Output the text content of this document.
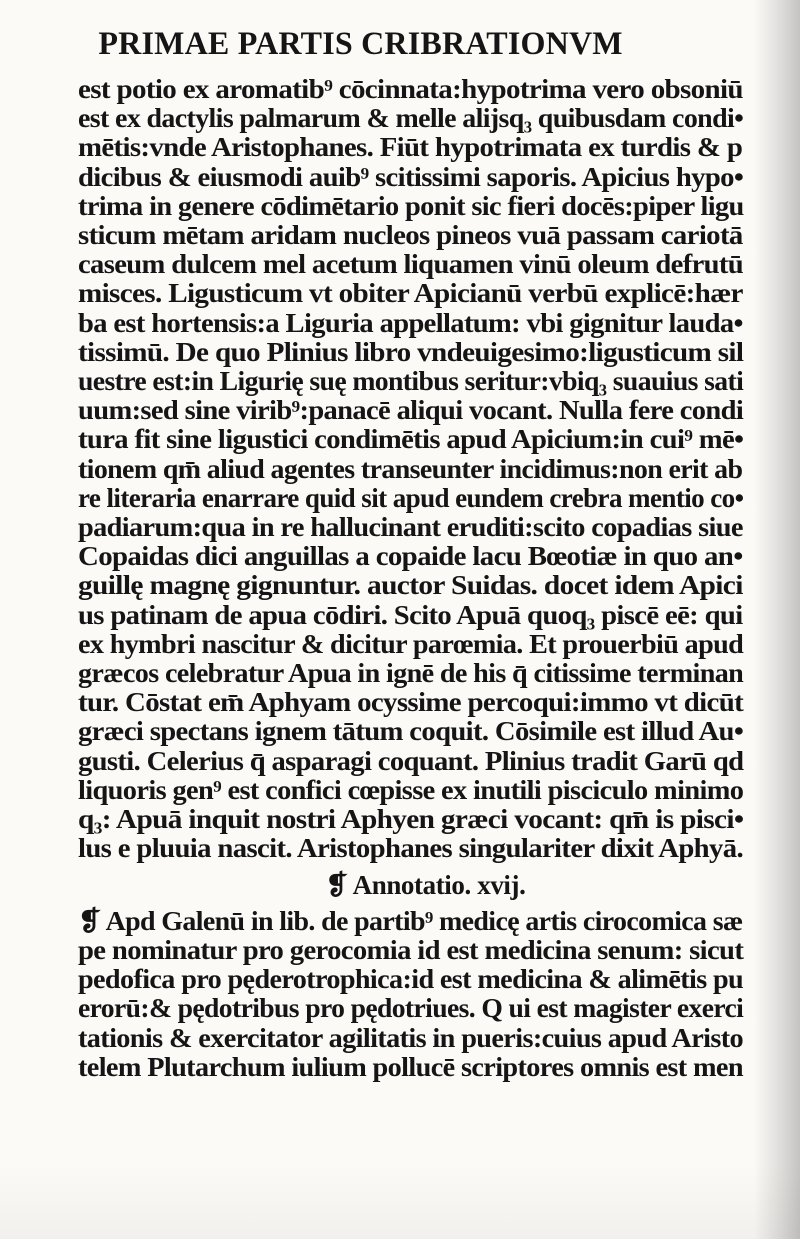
PRIMAE PARTIS CRIBRATIONVM
est potio ex aromatib⁹ cōcinnata:hypotrima vero obsoniū
est ex dactylis palmarum & melle alijsq₃ quibusdam condi•
mētis:vnde Aristophanes. Fiūt hypotrimata ex turdis & p
dicibus & eiusmodi auib⁹ scitissimi saporis. Apicius hypo•
trima in genere cōdimētario ponit sic fieri docēs:piper ligu
sticum mētam aridam nucleos pineos vuā passam cariotā
caseum dulcem mel acetum liquamen vinū oleum defrutū
misces. Ligusticum vt obiter Apicianū verbū explicē:hær
ba est hortensis:a Liguria appellatum: vbi gignitur lauda•
tissimū. De quo Plinius libro vndeuigesimo:ligusticum sil
uestre est:in Ligurię suę montibus seritur:vbiq₃ suauius sati
uum:sed sine virib⁹:panacē aliqui vocant. Nulla fere condi
tura fit sine ligustici condimētis apud Apicium:in cui⁹ mē•
tionem qm̄ aliud agentes transeunter incidimus:non erit ab
re literaria enarrare quid sit apud eundem crebra mentio co•
padiarum:qua in re hallucinant eruditi:scito copadias siue
Copaidas dici anguillas a copaide lacu Bœotiæ in quo an•
guillę magnę gignuntur. auctor Suidas. docet idem Apici
us patinam de apua cōdiri. Scito Apuā quoq₃ piscē eē: qui
ex hymbri nascitur & dicitur parœmia. Et prouerbiū apud
græcos celebratur Apua in ignē de his q̄ citissime terminan
tur. Cōstat em̄ Aphyam ocyssime percoqui:immo vt dicūt
græci spectans ignem tātum coquit. Cōsimile est illud Au•
gusti. Celerius q̄ asparagi coquant. Plinius tradit Garū qd
liquoris gen⁹ est confici cœpisse ex inutili pisciculo minimo
q₃: Apuā inquit nostri Aphyen græci vocant: qm̄ is pisci•
lus e pluuia nascit. Aristophanes singulariter dixit Aphyā.
❡ Annotatio. xvij.
❡ Apd Galenū in lib. de partib⁹ medicę artis cirocomica sæ
pe nominatur pro gerocomia id est medicina senum: sicut
pedofica pro pęderotrophica:id est medicina & alimētis pu
erorū:& pędotribus pro pędotriues. Q ui est magister exerci
tationis & exercitator agilitatis in pueris:cuius apud Aristo
telem Plutarchum iulium pollucē scriptores omnis est men
